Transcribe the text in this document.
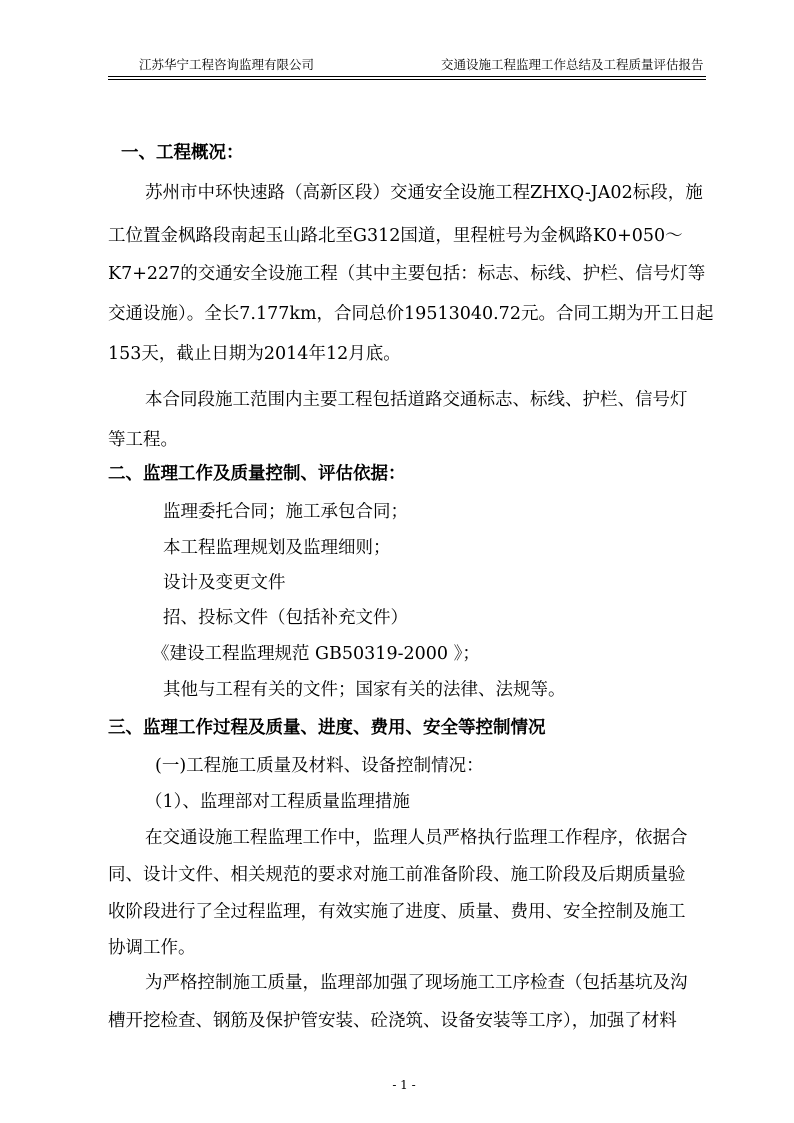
江苏华宁工程咨询监理有限公司	交通设施工程监理工作总结及工程质量评估报告
一、工程概况：
苏州市中环快速路（高新区段）交通安全设施工程ZHXQ-JA02标段，施
工位置金枫路段南起玉山路北至G312国道，里程桩号为金枫路K0+050～
K7+227的交通安全设施工程（其中主要包括：标志、标线、护栏、信号灯等
交通设施）。全长7.177km，合同总价19513040.72元。合同工期为开工日起
153天，截止日期为2014年12月底。
本合同段施工范围内主要工程包括道路交通标志、标线、护栏、信号灯
等工程。
二、监理工作及质量控制、评估依据：
监理委托合同；施工承包合同；
本工程监理规划及监理细则；
设计及变更文件
招、投标文件（包括补充文件）
《建设工程监理规范 GB50319-2000 》；
其他与工程有关的文件；国家有关的法律、法规等。
三、监理工作过程及质量、进度、费用、安全等控制情况
(一)工程施工质量及材料、设备控制情况：
（1）、监理部对工程质量监理措施
在交通设施工程监理工作中，监理人员严格执行监理工作程序，依据合
同、设计文件、相关规范的要求对施工前准备阶段、施工阶段及后期质量验
收阶段进行了全过程监理，有效实施了进度、质量、费用、安全控制及施工
协调工作。
为严格控制施工质量，监理部加强了现场施工工序检查（包括基坑及沟
槽开挖检查、钢筋及保护管安装、砼浇筑、设备安装等工序），加强了材料
- 1 -
